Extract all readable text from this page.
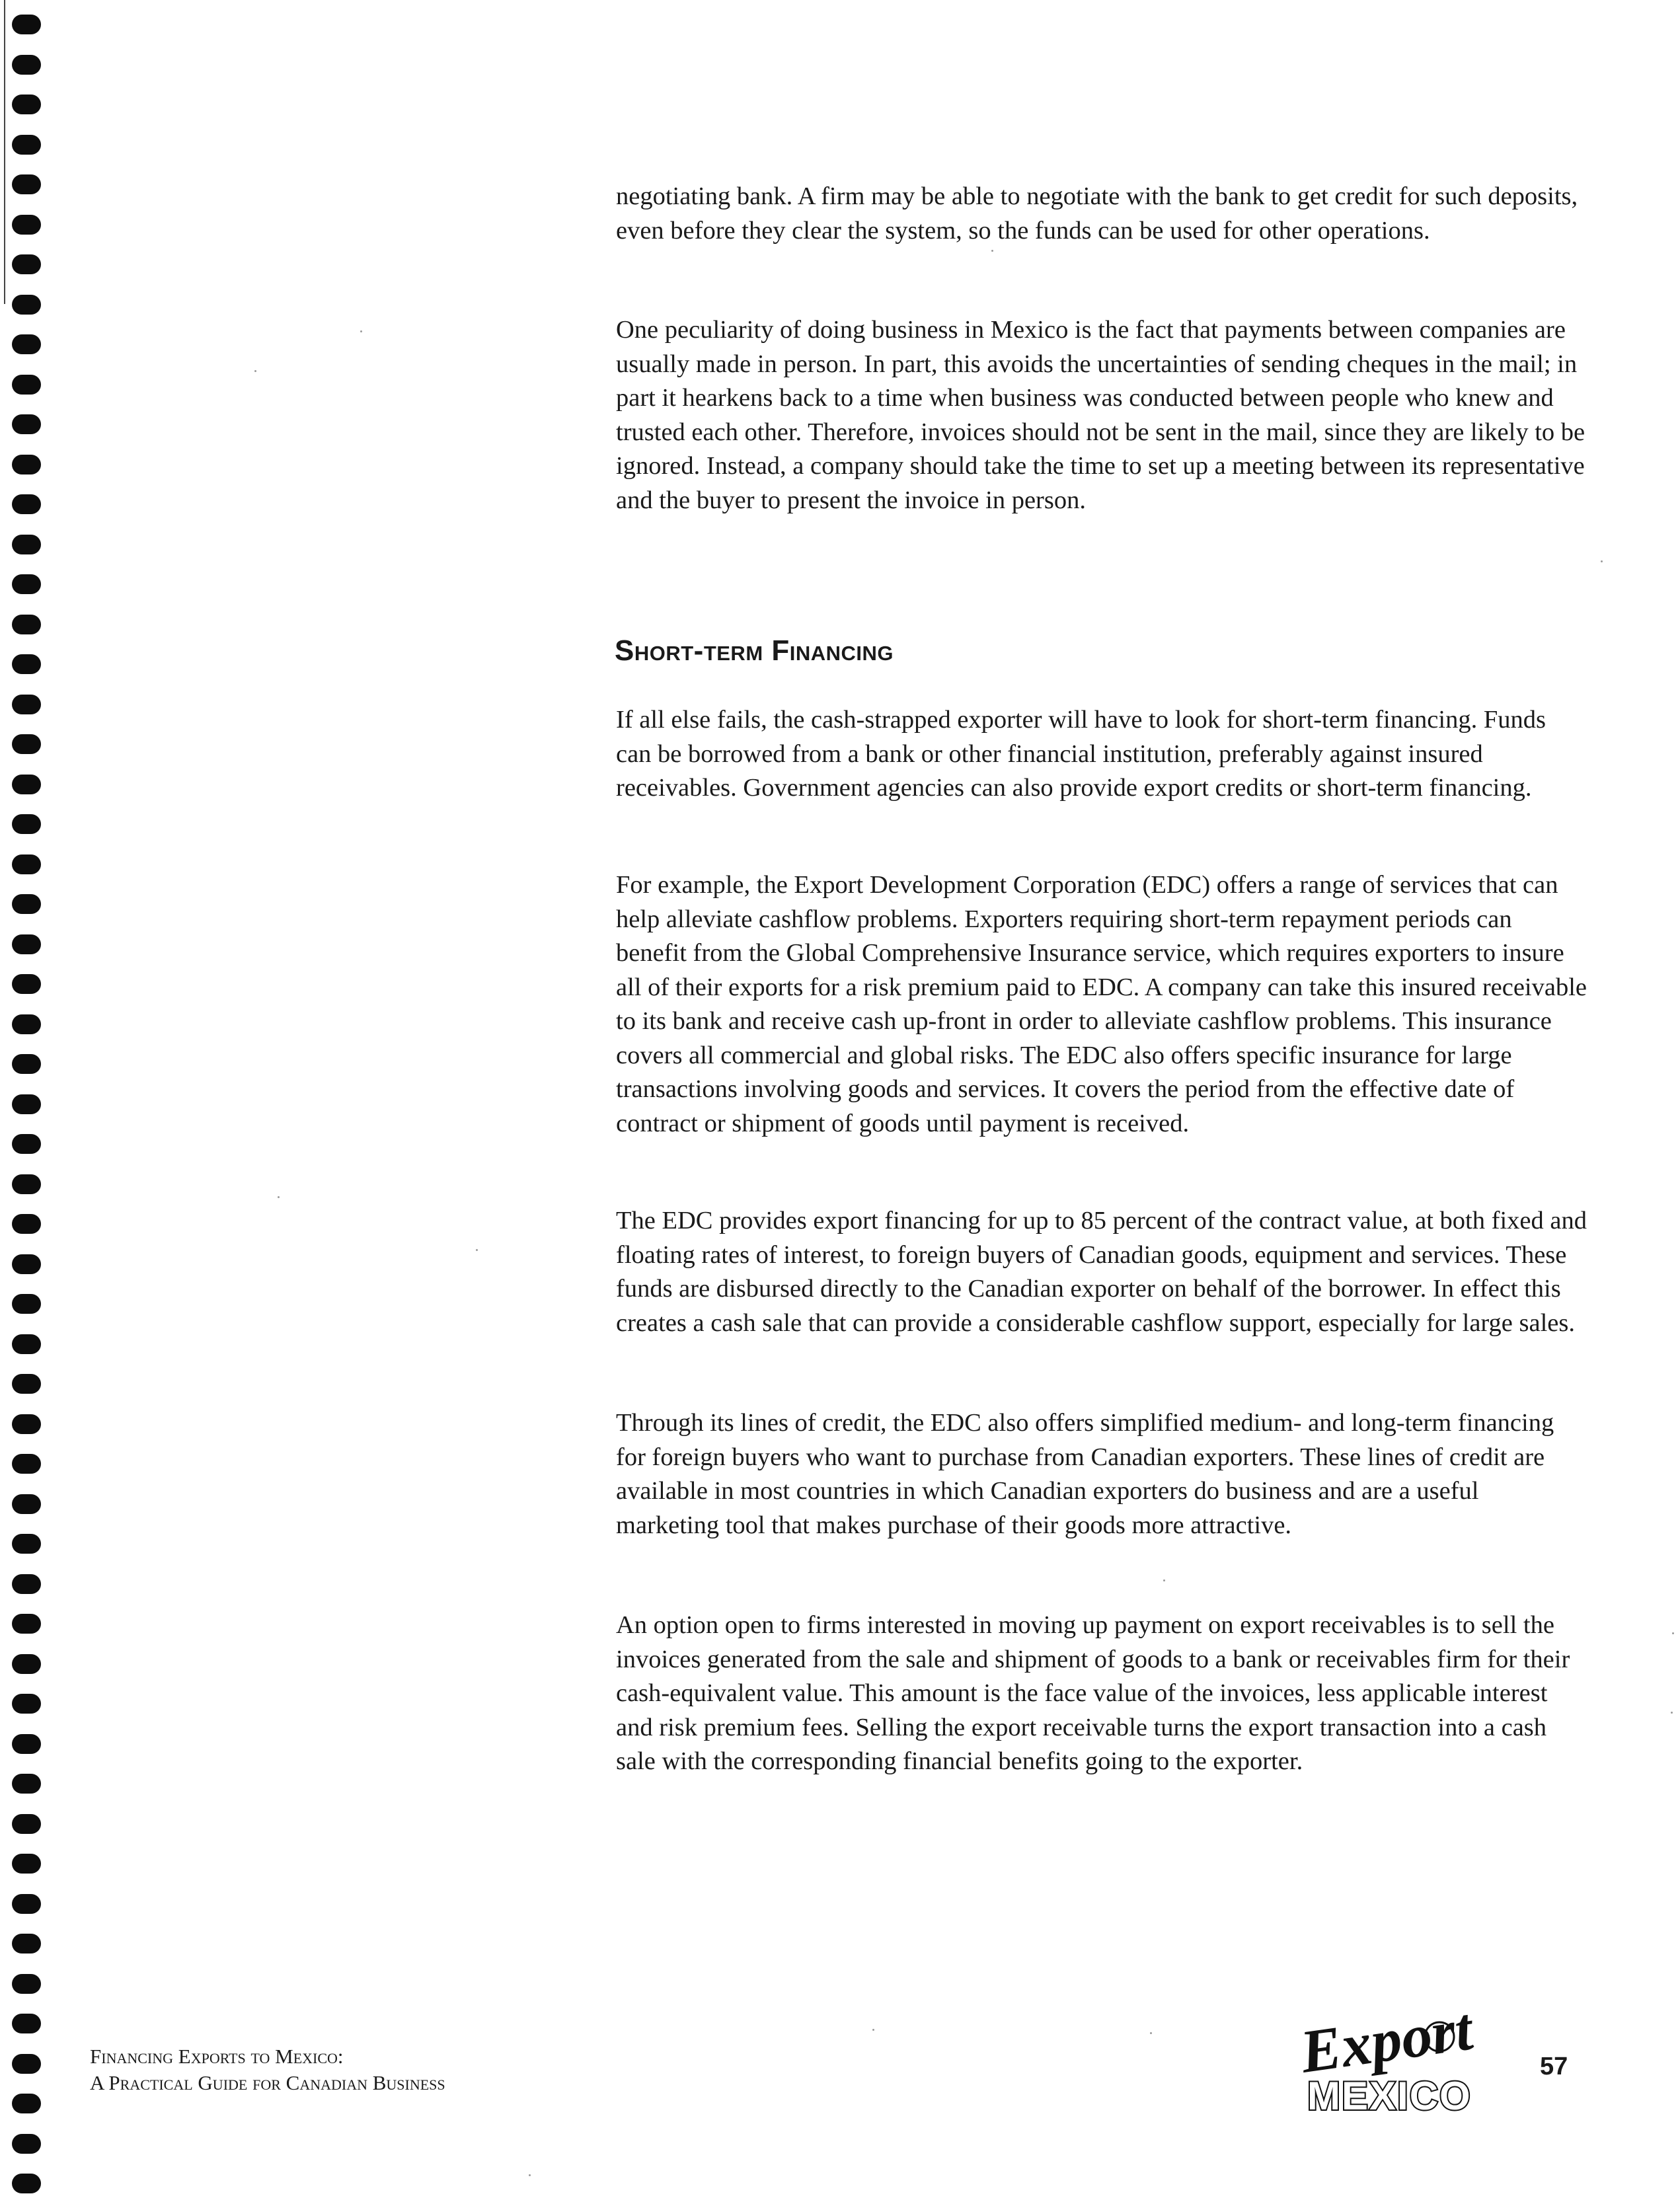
negotiating bank. A firm may be able to negotiate with the bank to get credit for such deposits, even before they clear the system, so the funds can be used for other operations.

One peculiarity of doing business in Mexico is the fact that payments between companies are usually made in person. In part, this avoids the uncertainties of sending cheques in the mail; in part it hearkens back to a time when business was conducted between people who knew and trusted each other. Therefore, invoices should not be sent in the mail, since they are likely to be ignored. Instead, a company should take the time to set up a meeting between its representative and the buyer to present the invoice in person.

Short-term Financing

If all else fails, the cash-strapped exporter will have to look for short-term financing. Funds can be borrowed from a bank or other financial institution, preferably against insured receivables. Government agencies can also provide export credits or short-term financing.

For example, the Export Development Corporation (EDC) offers a range of services that can help alleviate cashflow problems. Exporters requiring short-term repayment periods can benefit from the Global Comprehensive Insurance service, which requires exporters to insure all of their exports for a risk premium paid to EDC. A company can take this insured receivable to its bank and receive cash up-front in order to alleviate cashflow problems. This insurance covers all commercial and global risks. The EDC also offers specific insurance for large transactions involving goods and services. It covers the period from the effective date of contract or shipment of goods until payment is received.

The EDC provides export financing for up to 85 percent of the contract value, at both fixed and floating rates of interest, to foreign buyers of Canadian goods, equipment and services. These funds are disbursed directly to the Canadian exporter on behalf of the borrower. In effect this creates a cash sale that can provide a considerable cashflow support, especially for large sales.

Through its lines of credit, the EDC also offers simplified medium- and long-term financing for foreign buyers who want to purchase from Canadian exporters. These lines of credit are available in most countries in which Canadian exporters do business and are a useful marketing tool that makes purchase of their goods more attractive.

An option open to firms interested in moving up payment on export receivables is to sell the invoices generated from the sale and shipment of goods to a bank or receivables firm for their cash-equivalent value. This amount is the face value of the invoices, less applicable interest and risk premium fees. Selling the export receivable turns the export transaction into a cash sale with the corresponding financial benefits going to the exporter.

Financing Exports to Mexico:
A Practical Guide for Canadian Business	Export
MEXICO
57
